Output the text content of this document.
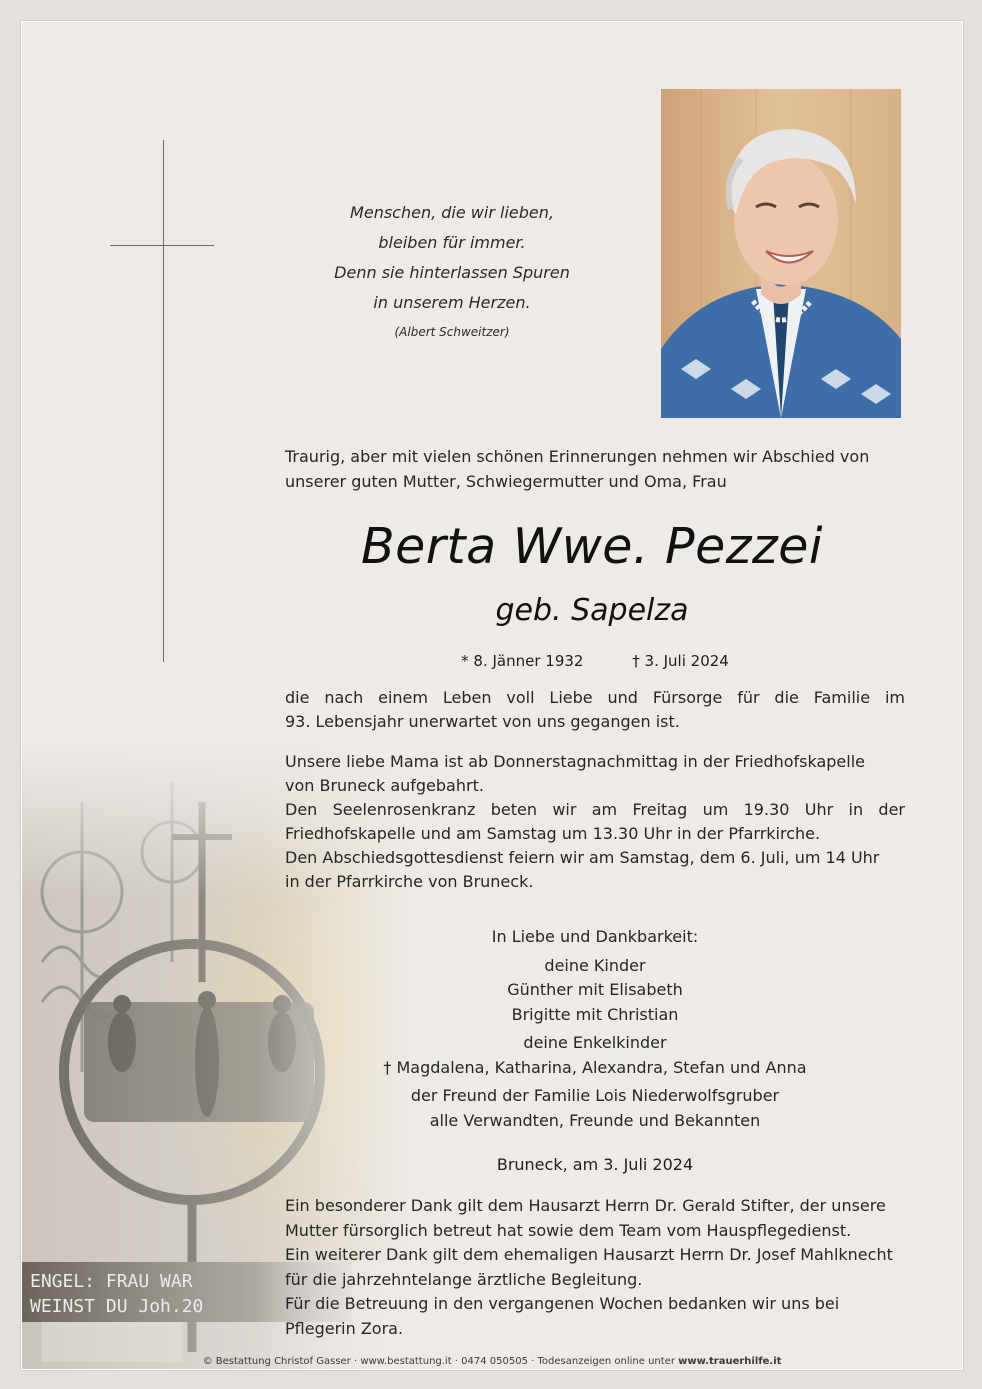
Menschen, die wir lieben,
bleiben für immer.
Denn sie hinterlassen Spuren
in unserem Herzen.
(Albert Schweitzer)
Traurig, aber mit vielen schönen Erinnerungen nehmen wir Abschied von
unserer guten Mutter, Schwiegermutter und Oma, Frau
Berta Wwe. Pezzei
geb. Sapelza
* 8. Jänner 1932	† 3. Juli 2024
die nach einem Leben voll Liebe und Fürsorge für die Familie im
93. Lebensjahr unerwartet von uns gegangen ist.
Unsere liebe Mama ist ab Donnerstagnachmittag in der Friedhofskapelle
von Bruneck aufgebahrt.
Den Seelenrosenkranz beten wir am Freitag um 19.30 Uhr in der
Friedhofskapelle und am Samstag um 13.30 Uhr in der Pfarrkirche.
Den Abschiedsgottesdienst feiern wir am Samstag, dem 6. Juli, um 14 Uhr
in der Pfarrkirche von Bruneck.
In Liebe und Dankbarkeit:
deine Kinder
Günther mit Elisabeth
Brigitte mit Christian
deine Enkelkinder
† Magdalena, Katharina, Alexandra, Stefan und Anna
der Freund der Familie Lois Niederwolfsgruber
alle Verwandten, Freunde und Bekannten
Bruneck, am 3. Juli 2024
Ein besonderer Dank gilt dem Hausarzt Herrn Dr. Gerald Stifter, der unsere
Mutter fürsorglich betreut hat sowie dem Team vom Hauspflegedienst.
Ein weiterer Dank gilt dem ehemaligen Hausarzt Herrn Dr. Josef Mahlknecht
für die jahrzehntelange ärztliche Begleitung.
Für die Betreuung in den vergangenen Wochen bedanken wir uns bei
Pflegerin Zora.
© Bestattung Christof Gasser · www.bestattung.it · 0474 050505 · Todesanzeigen online unter www.trauerhilfe.it
